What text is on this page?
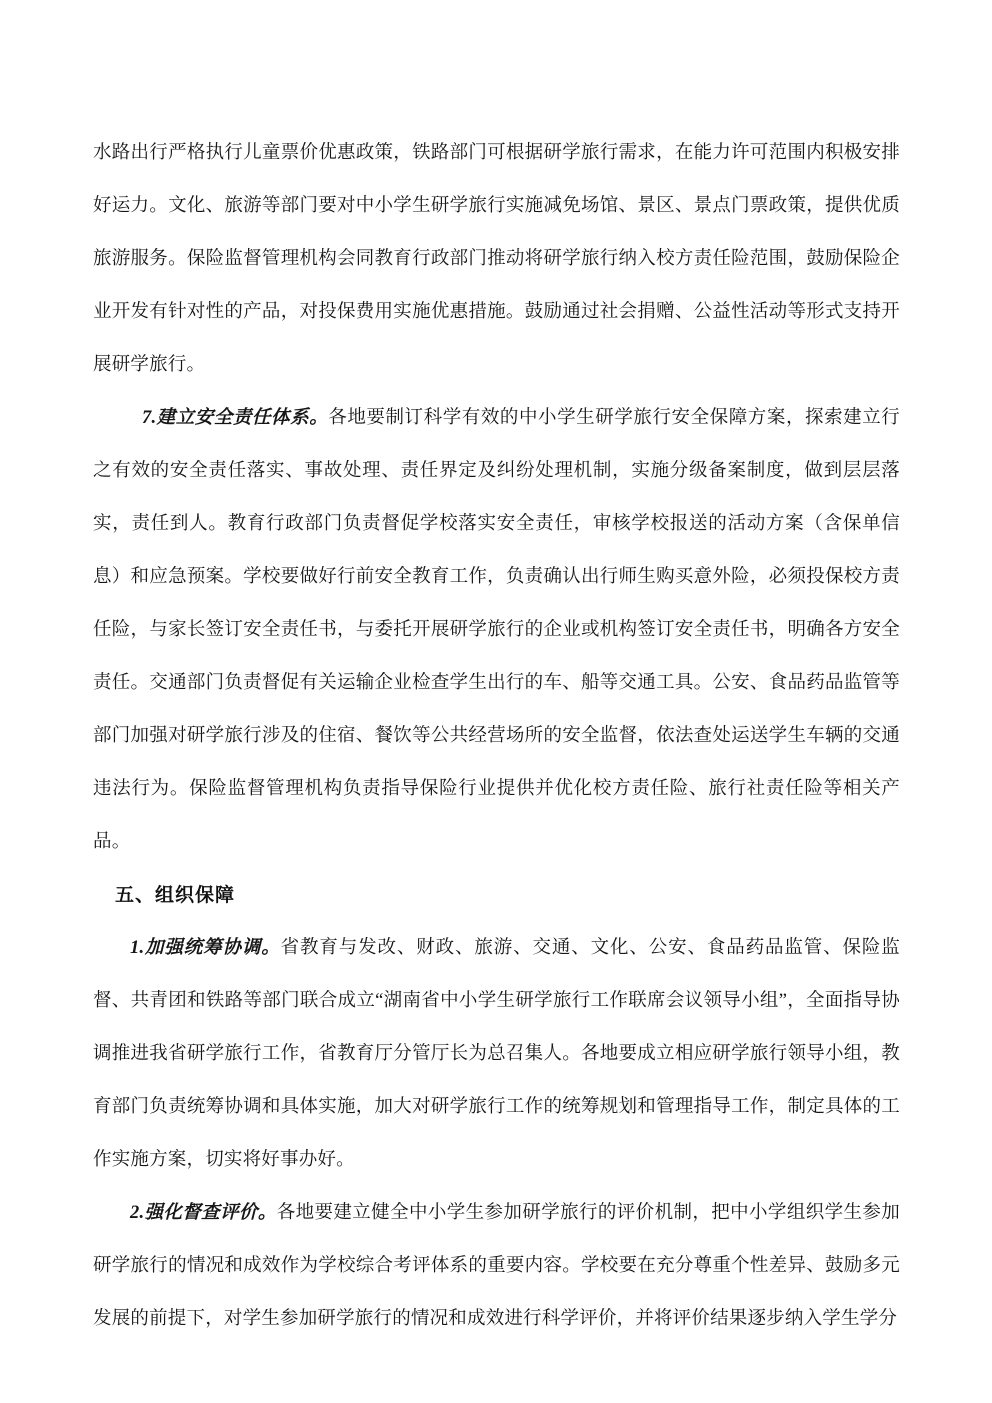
水路出行严格执行儿童票价优惠政策，铁路部门可根据研学旅行需求，在能力许可范围内积极安排好运力。文化、旅游等部门要对中小学生研学旅行实施减免场馆、景区、景点门票政策，提供优质旅游服务。保险监督管理机构会同教育行政部门推动将研学旅行纳入校方责任险范围，鼓励保险企业开发有针对性的产品，对投保费用实施优惠措施。鼓励通过社会捐赠、公益性活动等形式支持开展研学旅行。

7.建立安全责任体系。各地要制订科学有效的中小学生研学旅行安全保障方案，探索建立行之有效的安全责任落实、事故处理、责任界定及纠纷处理机制，实施分级备案制度，做到层层落实，责任到人。教育行政部门负责督促学校落实安全责任，审核学校报送的活动方案（含保单信息）和应急预案。学校要做好行前安全教育工作，负责确认出行师生购买意外险，必须投保校方责任险，与家长签订安全责任书，与委托开展研学旅行的企业或机构签订安全责任书，明确各方安全责任。交通部门负责督促有关运输企业检查学生出行的车、船等交通工具。公安、食品药品监管等部门加强对研学旅行涉及的住宿、餐饮等公共经营场所的安全监督，依法查处运送学生车辆的交通违法行为。保险监督管理机构负责指导保险行业提供并优化校方责任险、旅行社责任险等相关产品。

五、组织保障

1.加强统筹协调。省教育与发改、财政、旅游、交通、文化、公安、食品药品监管、保险监督、共青团和铁路等部门联合成立“湖南省中小学生研学旅行工作联席会议领导小组”，全面指导协调推进我省研学旅行工作，省教育厅分管厅长为总召集人。各地要成立相应研学旅行领导小组，教育部门负责统筹协调和具体实施，加大对研学旅行工作的统筹规划和管理指导工作，制定具体的工作实施方案，切实将好事办好。

2.强化督查评价。各地要建立健全中小学生参加研学旅行的评价机制，把中小学组织学生参加研学旅行的情况和成效作为学校综合考评体系的重要内容。学校要在充分尊重个性差异、鼓励多元发展的前提下，对学生参加研学旅行的情况和成效进行科学评价，并将评价结果逐步纳入学生学分
